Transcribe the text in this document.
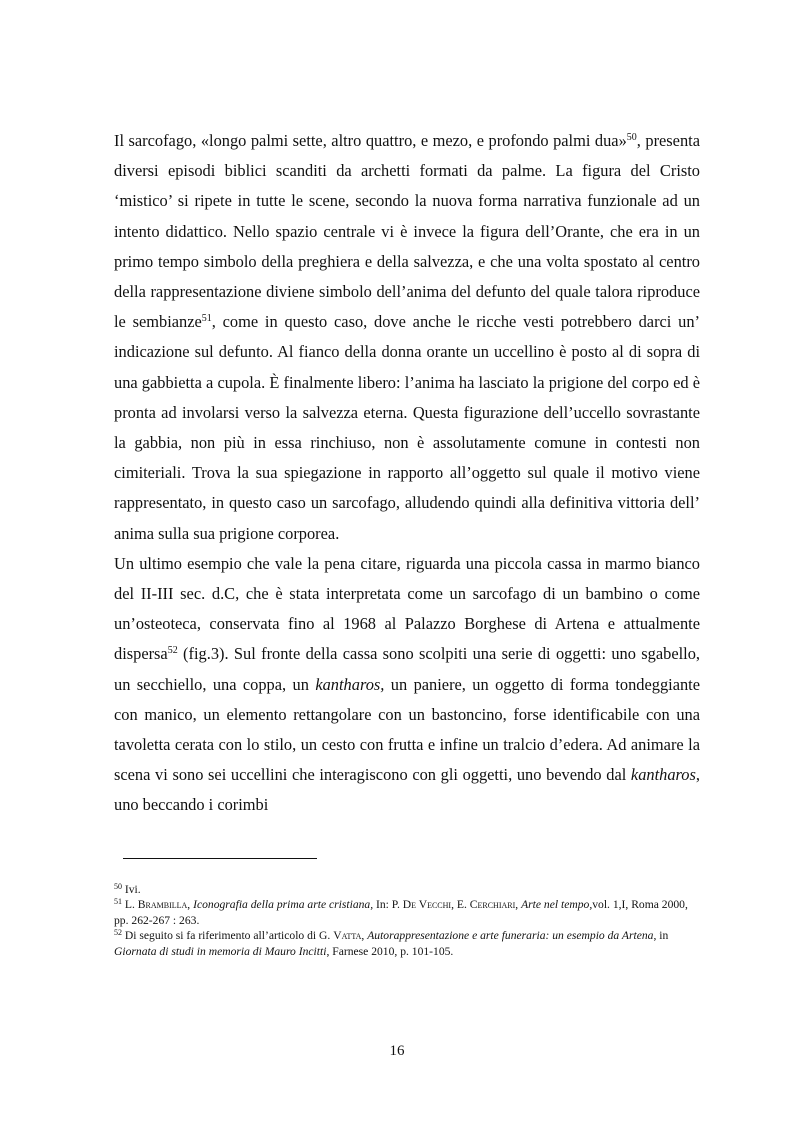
Il sarcofago, «longo palmi sette, altro quattro, e mezo, e profondo palmi dua»$^{50}$, presenta diversi episodi biblici scanditi da archetti formati da palme. La figura del Cristo ‘mistico’ si ripete in tutte le scene, secondo la nuova forma narrativa funzionale ad un intento didattico. Nello spazio centrale vi è invece la figura dell’Orante, che era in un primo tempo simbolo della preghiera e della salvezza, e che una volta spostato al centro della rappresentazione diviene simbolo dell’anima del defunto del quale talora riproduce le sembianze$^{51}$, come in questo caso, dove anche le ricche vesti potrebbero darci un’ indicazione sul defunto. Al fianco della donna orante un uccellino è posto al di sopra di una gabbietta a cupola. È finalmente libero: l’anima ha lasciato la prigione del corpo ed è pronta ad involarsi verso la salvezza eterna. Questa figurazione dell’uccello sovrastante la gabbia, non più in essa rinchiuso, non è assolutamente comune in contesti non cimiteriali. Trova la sua spiegazione in rapporto all’oggetto sul quale il motivo viene rappresentato, in questo caso un sarcofago, alludendo quindi alla definitiva vittoria dell’ anima sulla sua prigione corporea.

Un ultimo esempio che vale la pena citare, riguarda una piccola cassa in marmo bianco del II-III sec. d.C, che è stata interpretata come un sarcofago di un bambino o come un’osteoteca, conservata fino al 1968 al Palazzo Borghese di Artena e attualmente dispersa$^{52}$ (fig.3). Sul fronte della cassa sono scolpiti una serie di oggetti: uno sgabello, un secchiello, una coppa, un kantharos, un paniere, un oggetto di forma tondeggiante con manico, un elemento rettangolare con un bastoncino, forse identificabile con una tavoletta cerata con lo stilo, un cesto con frutta e infine un tralcio d’edera. Ad animare la scena vi sono sei uccellini che interagiscono con gli oggetti, uno bevendo dal kantharos, uno beccando i corimbi

$^{50}$ Ivi.

$^{51}$ L. Brambilla, Iconografia della prima arte cristiana, In: P. De Vecchi, E. Cerchiari, Arte nel tempo,vol. 1,I, Roma 2000, pp. 262-267 : 263.

$^{52}$ Di seguito si fa riferimento all’articolo di G. Vatta, Autorappresentazione e arte funeraria: un esempio da Artena, in Giornata di studi in memoria di Mauro Incitti, Farnese 2010, p. 101-105.

16
